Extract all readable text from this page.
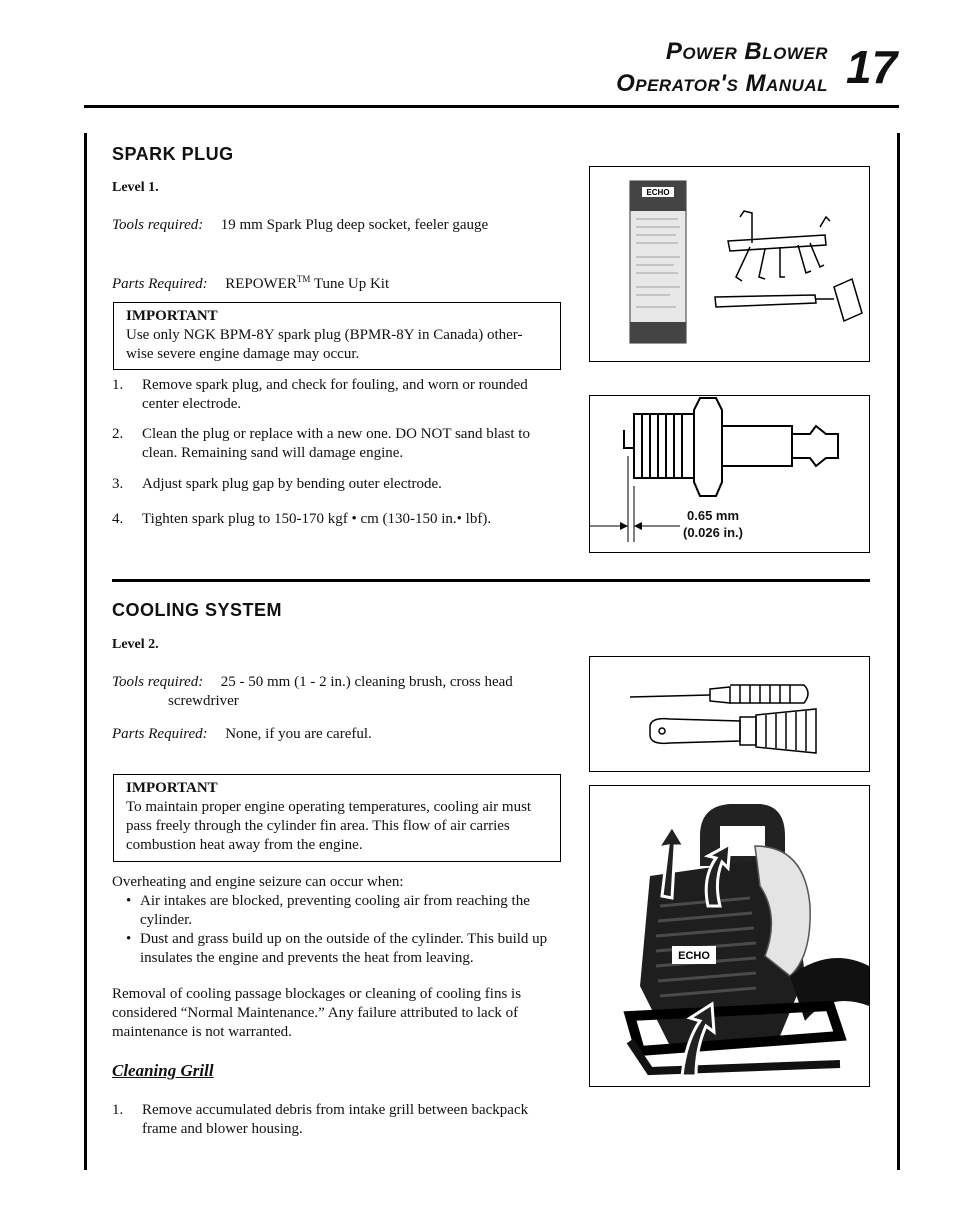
Power Blower
Operator's Manual 17
SPARK PLUG
Level 1.
Tools required: 19 mm Spark Plug deep socket, feeler gauge
Parts Required: REPOWER™ Tune Up Kit
IMPORTANT
Use only NGK BPM-8Y spark plug (BPMR-8Y in Canada) other-wise severe engine damage may occur.
1.	Remove spark plug, and check for fouling, and worn or rounded center electrode.
2.	Clean the plug or replace with a new one. DO NOT sand blast to clean. Remaining sand will damage engine.
3.	Adjust spark plug gap by bending outer electrode.
4.	Tighten spark plug to 150-170 kgf • cm (130-150 in.• lbf).
ECHO
0.65 mm
(0.026 in.)
COOLING SYSTEM
Level 2.
Tools required: 25 - 50 mm (1 - 2 in.) cleaning brush, cross head
screwdriver
Parts Required: None, if you are careful.
IMPORTANT
To maintain proper engine operating temperatures, cooling air must pass freely through the cylinder fin area. This flow of air carries combustion heat away from the engine.
Overheating and engine seizure can occur when:
• Air intakes are blocked, preventing cooling air from reaching the cylinder.
• Dust and grass build up on the outside of the cylinder. This build up insulates the engine and prevents the heat from leaving.
Removal of cooling passage blockages or cleaning of cooling fins is considered “Normal Maintenance.” Any failure attributed to lack of maintenance is not warranted.
Cleaning Grill
1.	Remove accumulated debris from intake grill between backpack frame and blower housing.
ECHO
